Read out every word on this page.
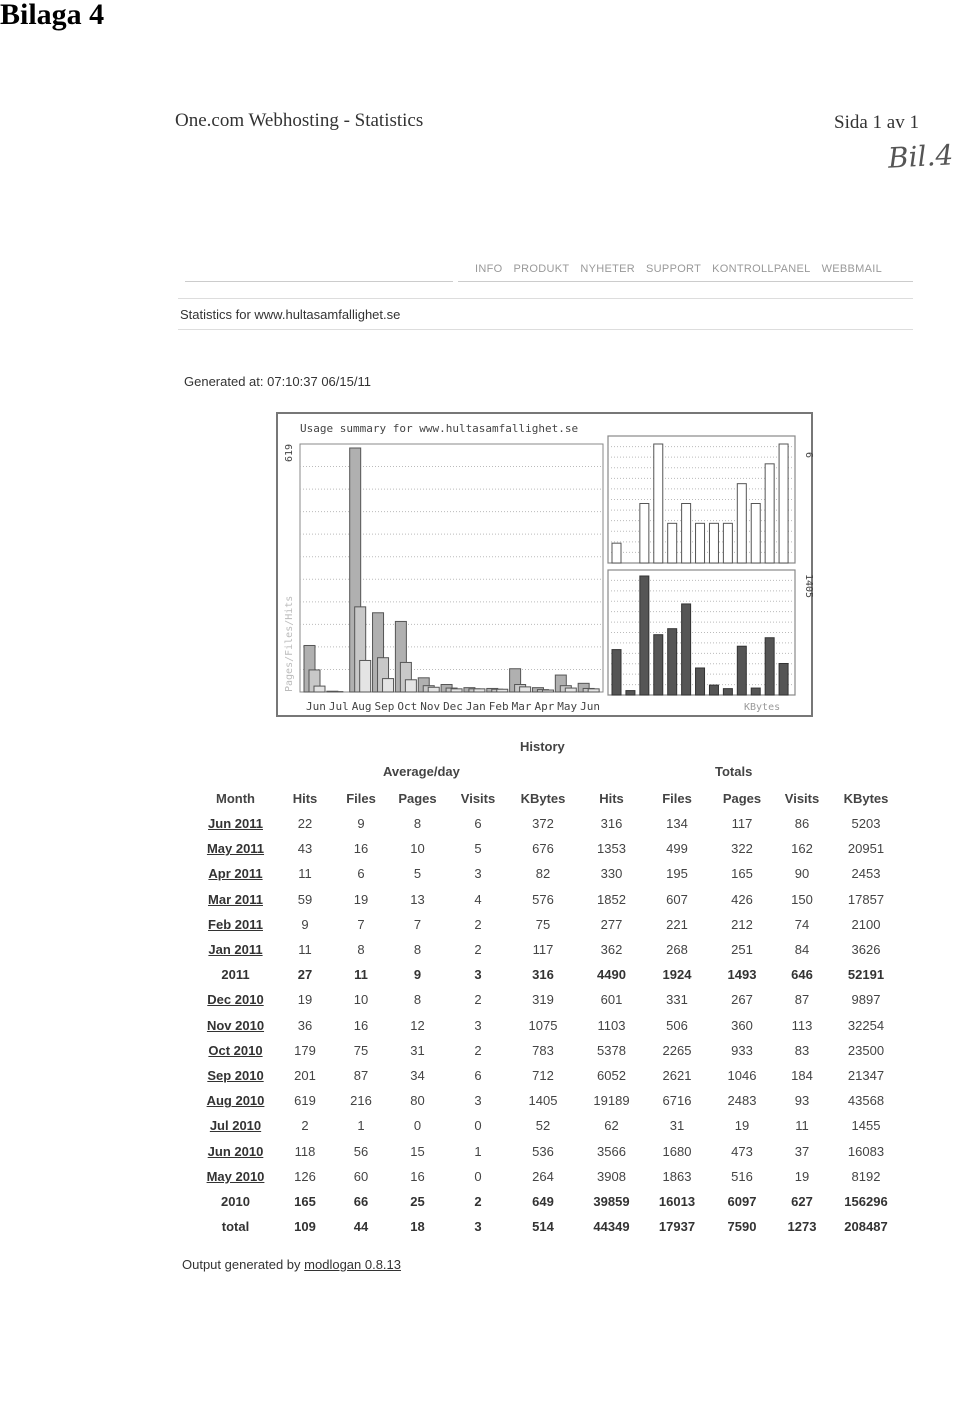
Bilaga 4
One.com Webhosting - Statistics	Sida 1 av 1
Bil.4
INFO PRODUKT NYHETER SUPPORT KONTROLLPANEL WEBBMAIL
Statistics for www.hultasamfallighet.se
Generated at: 07:10:37 06/15/11
Usage summary for www.hultasamfallighet.se
Pages/Files/Hits
619	6
1405
KBytes
Jun Jul Aug Sep Oct Nov Dec Jan Feb Mar Apr May Jun
History
Average/day	Totals
Month	Hits	Files	Pages	Visits	KBytes	Hits	Files	Pages	Visits	KBytes
Jun 2011	22	9	8	6	372	316	134	117	86	5203
May 2011	43	16	10	5	676	1353	499	322	162	20951
Apr 2011	11	6	5	3	82	330	195	165	90	2453
Mar 2011	59	19	13	4	576	1852	607	426	150	17857
Feb 2011	9	7	7	2	75	277	221	212	74	2100
Jan 2011	11	8	8	2	117	362	268	251	84	3626
2011	27	11	9	3	316	4490	1924	1493	646	52191
Dec 2010	19	10	8	2	319	601	331	267	87	9897
Nov 2010	36	16	12	3	1075	1103	506	360	113	32254
Oct 2010	179	75	31	2	783	5378	2265	933	83	23500
Sep 2010	201	87	34	6	712	6052	2621	1046	184	21347
Aug 2010	619	216	80	3	1405	19189	6716	2483	93	43568
Jul 2010	2	1	0	0	52	62	31	19	11	1455
Jun 2010	118	56	15	1	536	3566	1680	473	37	16083
May 2010	126	60	16	0	264	3908	1863	516	19	8192
2010	165	66	25	2	649	39859	16013	6097	627	156296
total	109	44	18	3	514	44349	17937	7590	1273	208487
Output generated by modlogan 0.8.13
